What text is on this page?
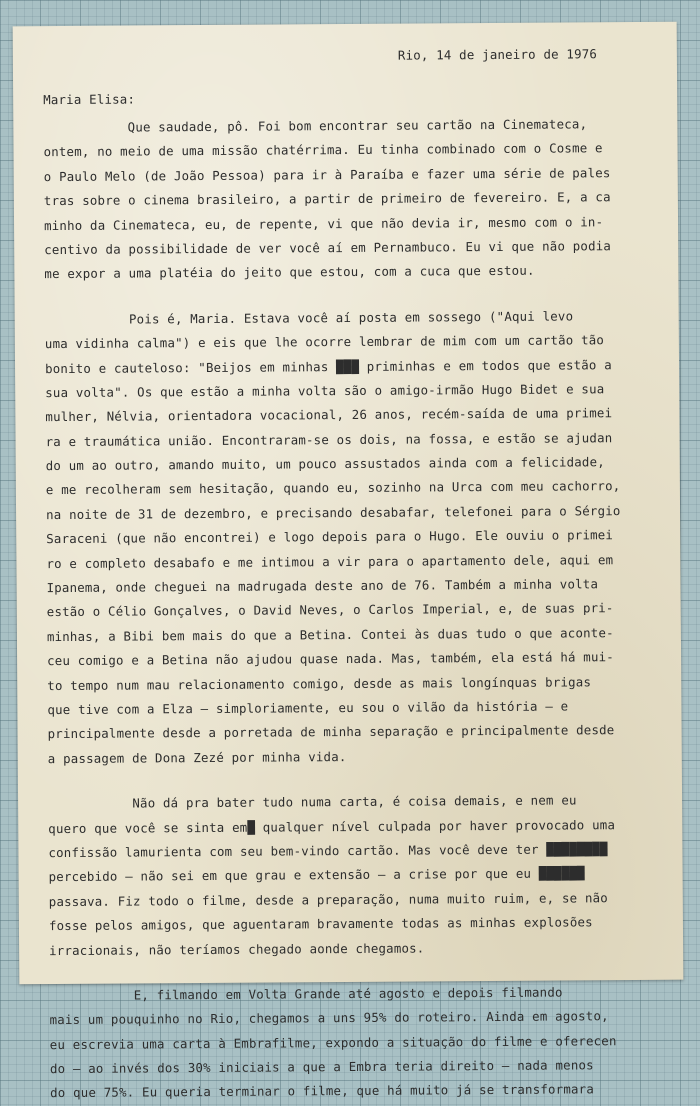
Rio, 14 de janeiro de 1976
Maria Elisa:
Que saudade, pô. Foi bom encontrar seu cartão na Cinemateca,
ontem, no meio de uma missão chatérrima. Eu tinha combinado com o Cosme e
o Paulo Melo (de João Pessoa) para ir à Paraíba e fazer uma série de pales
tras sobre o cinema brasileiro, a partir de primeiro de fevereiro. E, a ca
minho da Cinemateca, eu, de repente, vi que não devia ir, mesmo com o in-
centivo da possibilidade de ver você aí em Pernambuco. Eu vi que não podia
me expor a uma platéia do jeito que estou, com a cuca que estou.
Pois é, Maria. Estava você aí posta em sossego ("Aqui levo
uma vidinha calma") e eis que lhe ocorre lembrar de mim com um cartão tão
bonito e cauteloso: "Beijos em minhas ███ priminhas e em todos que estão a
sua volta". Os que estão a minha volta são o amigo-irmão Hugo Bidet e sua
mulher, Nélvia, orientadora vocacional, 26 anos, recém-saída de uma primei
ra e traumática união. Encontraram-se os dois, na fossa, e estão se ajudan
do um ao outro, amando muito, um pouco assustados ainda com a felicidade,
e me recolheram sem hesitação, quando eu, sozinho na Urca com meu cachorro,
na noite de 31 de dezembro, e precisando desabafar, telefonei para o Sérgio
Saraceni (que não encontrei) e logo depois para o Hugo. Ele ouviu o primei
ro e completo desabafo e me intimou a vir para o apartamento dele, aqui em
Ipanema, onde cheguei na madrugada deste ano de 76. Também a minha volta
estão o Célio Gonçalves, o David Neves, o Carlos Imperial, e, de suas pri-
minhas, a Bibi bem mais do que a Betina. Contei às duas tudo o que aconte-
ceu comigo e a Betina não ajudou quase nada. Mas, também, ela está há mui-
to tempo num mau relacionamento comigo, desde as mais longínquas brigas
que tive com a Elza — simploriamente, eu sou o vilão da história — e
principalmente desde a porretada de minha separação e principalmente desde
a passagem de Dona Zezé por minha vida.
Não dá pra bater tudo numa carta, é coisa demais, e nem eu
quero que você se sinta em█ qualquer nível culpada por haver provocado uma
confissão lamurienta com seu bem-vindo cartão. Mas você deve ter ████████
percebido — não sei em que grau e extensão — a crise por que eu ██████
passava. Fiz todo o filme, desde a preparação, numa muito ruim, e, se não
fosse pelos amigos, que aguentaram bravamente todas as minhas explosões
irracionais, não teríamos chegado aonde chegamos.
E, filmando em Volta Grande até agosto e depois filmando
mais um pouquinho no Rio, chegamos a uns 95% do roteiro. Ainda em agosto,
eu escrevia uma carta à Embrafilme, expondo a situação do filme e oferecen
do — ao invés dos 30% iniciais a que a Embra teria direito — nada menos
do que 75%. Eu queria terminar o filme, que há muito já se transformara
